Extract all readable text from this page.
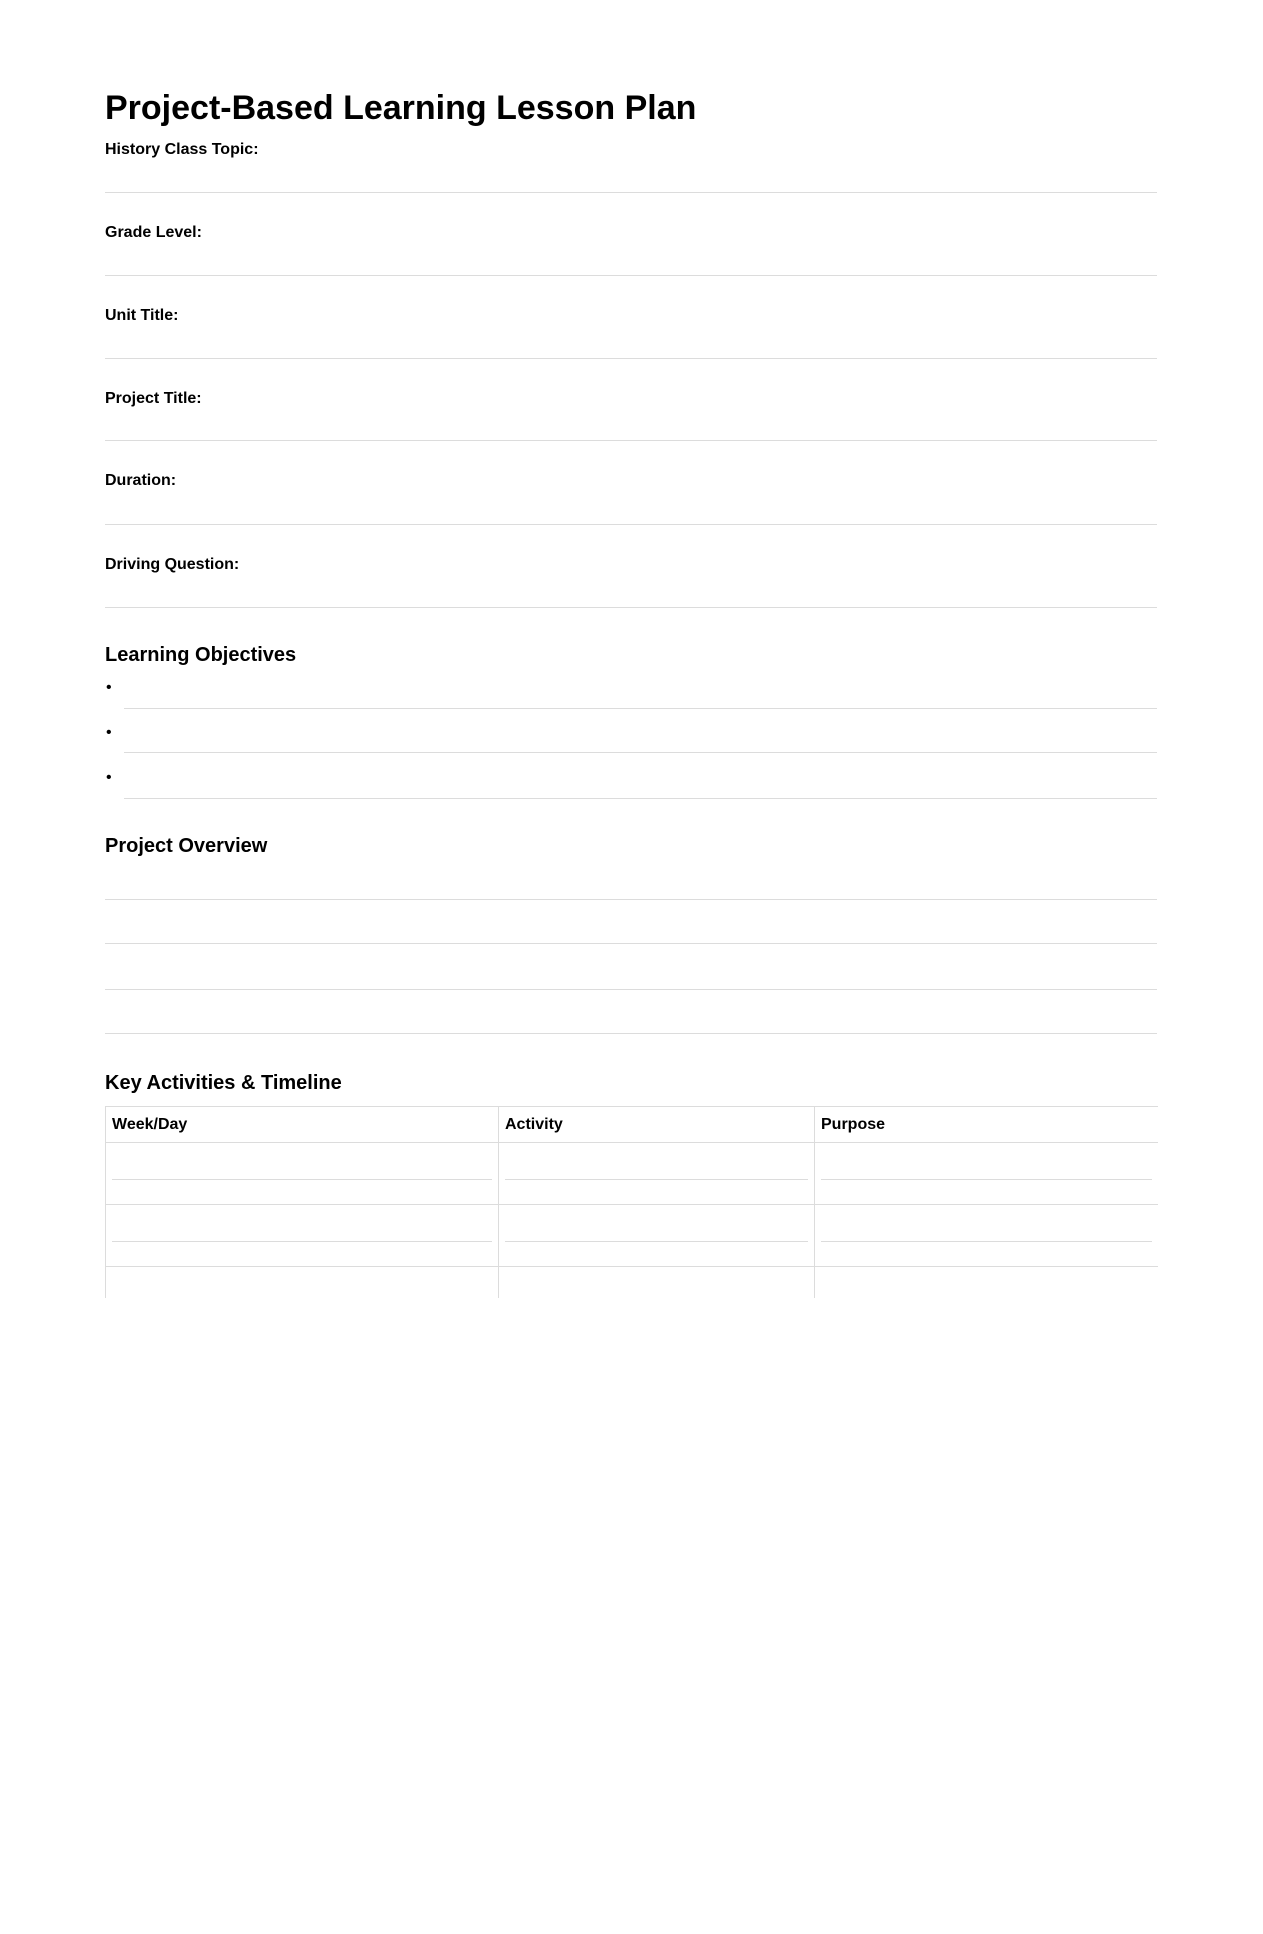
Project-Based Learning Lesson Plan
History Class Topic:
Grade Level:
Unit Title:
Project Title:
Duration:
Driving Question:
Learning Objectives
•
•
•
Project Overview
Key Activities & Timeline
Week/Day	Activity	Purpose
